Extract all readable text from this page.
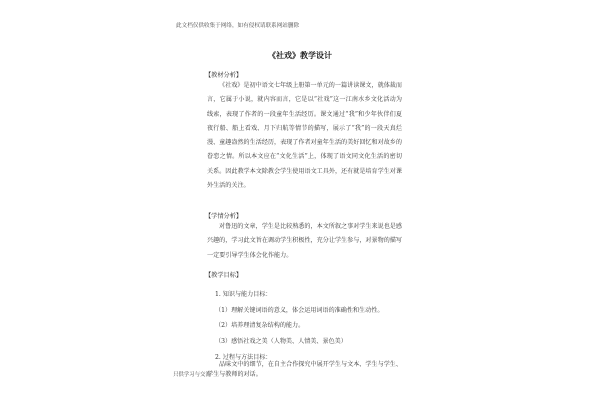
此文档仅供收集于网络，如有侵权请联系网站删除
《社戏》教学设计
【教材分析】

《社戏》是初中语文七年级上册第一单元的一篇讲读课文，就体裁而言，它属于小说，就内容而言，它是以“社戏”这一江南水乡文化活动为线索，表现了作者的一段童年生活经历。课文通过“我”和少年伙伴们夏夜行船、船上看戏、月下归航等情节的描写，展示了“我”的一段天真烂漫、童趣盎然的生活经历，表现了作者对童年生活的美好回忆和对故乡的眷恋之情。所以本文应在“文化生活”上，体现了语文同文化生活的密切关系。因此教学本文除教会学生使用语文工具外，还有就是培育学生对课外生活的关注。

【学情分析】

对鲁迅的文章，学生是比较熟悉的，本文所叙之事对学生来说也是感兴趣的，学习此文旨在调动学生积极性，充分让学生参与，对景物的描写一定要引导学生体会化作能力。

【教学目标】
1. 知识与能力目标：
（1）理解关键词语的意义，体会运用词语的准确性和生动性。
（2）培养理清复杂结构的能力。
（3）感悟社戏之美（人物美、人情美、景色美）
2. 过程与方法目标：

品味文中的细节，在自主合作探究中展开学生与文本、学生与学生、学生与教师的对话。

只供学习与交流
